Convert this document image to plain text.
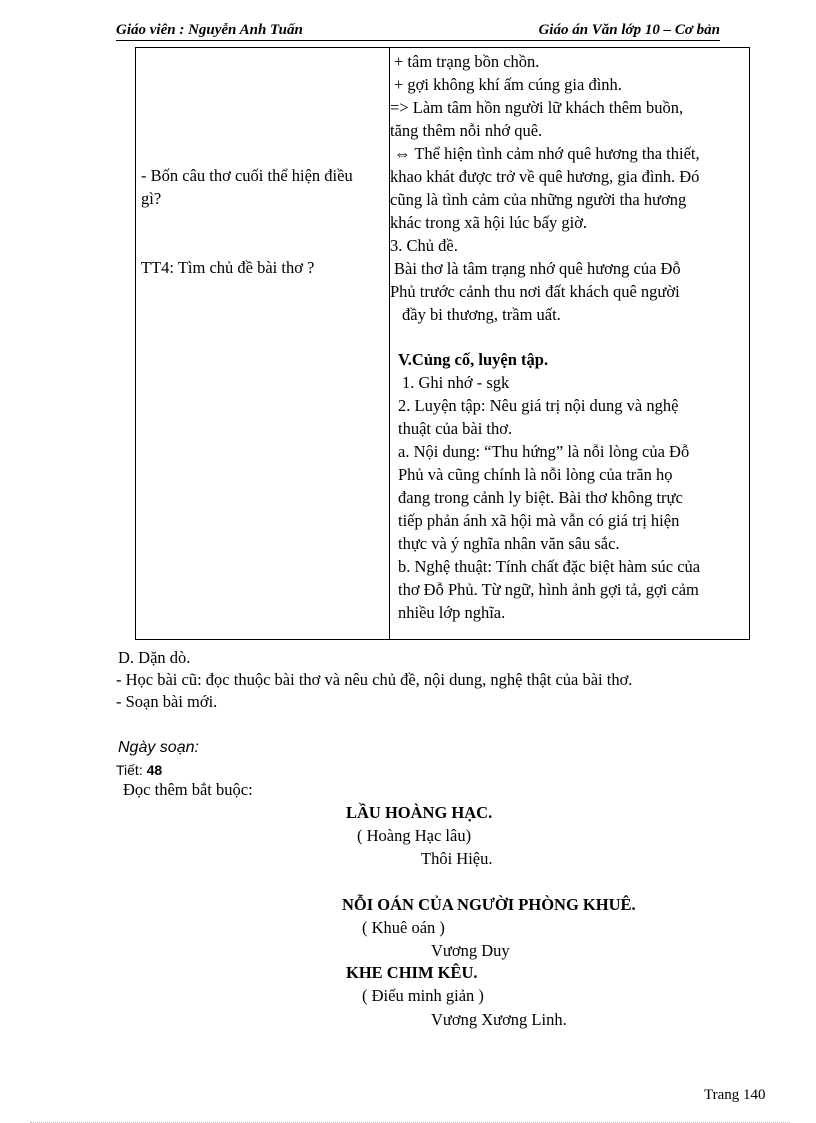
Giáo viên : Nguyễn Anh Tuấn	Giáo án Văn lớp 10 – Cơ bản
- Bốn câu thơ cuối thể hiện điều
gì?
TT4: Tìm chủ đề bài thơ ?
+ tâm trạng bồn chồn.
+ gợi không khí ấm cúng gia đình.
=> Làm tâm hồn người lữ khách thêm buồn,
tăng thêm nỗi nhớ quê.
⇔ Thể hiện tình cảm nhớ quê hương tha thiết,
khao khát được trở về quê hương, gia đình. Đó
cũng là tình cảm của những người tha hương
khác trong xã hội lúc bấy giờ.
3. Chủ đề.
Bài thơ là tâm trạng nhớ quê hương của Đỗ
Phủ trước cảnh thu nơi đất khách quê người
đầy bi thương, trầm uất.
V.Củng cố, luyện tập.
1. Ghi nhớ - sgk
2. Luyện tập: Nêu giá trị nội dung và nghệ
thuật của bài thơ.
a. Nội dung: “Thu hứng” là nỗi lòng của Đỗ
Phủ và cũng chính là nỗi lòng của trăn họ
đang trong cảnh ly biệt. Bài thơ không trực
tiếp phản ánh xã hội mà vẫn có giá trị hiện
thực và ý nghĩa nhân văn sâu sắc.
b. Nghệ thuật: Tính chất đặc biệt hàm súc của
thơ Đỗ Phủ. Từ ngữ, hình ảnh gợi tả, gợi cảm
nhiều lớp nghĩa.
D. Dặn dò.
- Học bài cũ: đọc thuộc bài thơ và nêu chủ đề, nội dung, nghệ thật của bài thơ.
- Soạn bài mới.
Ngày soạn:
Tiết: 48
Đọc thêm bắt buộc:
LẦU HOÀNG HẠC.
( Hoàng Hạc lâu)
Thôi Hiệu.
NỖI OÁN CỦA NGƯỜI PHÒNG KHUÊ.
( Khuê oán )
Vương Duy
KHE CHIM KÊU.
( Điểu minh giản )
Vương Xương Linh.
Trang 140
